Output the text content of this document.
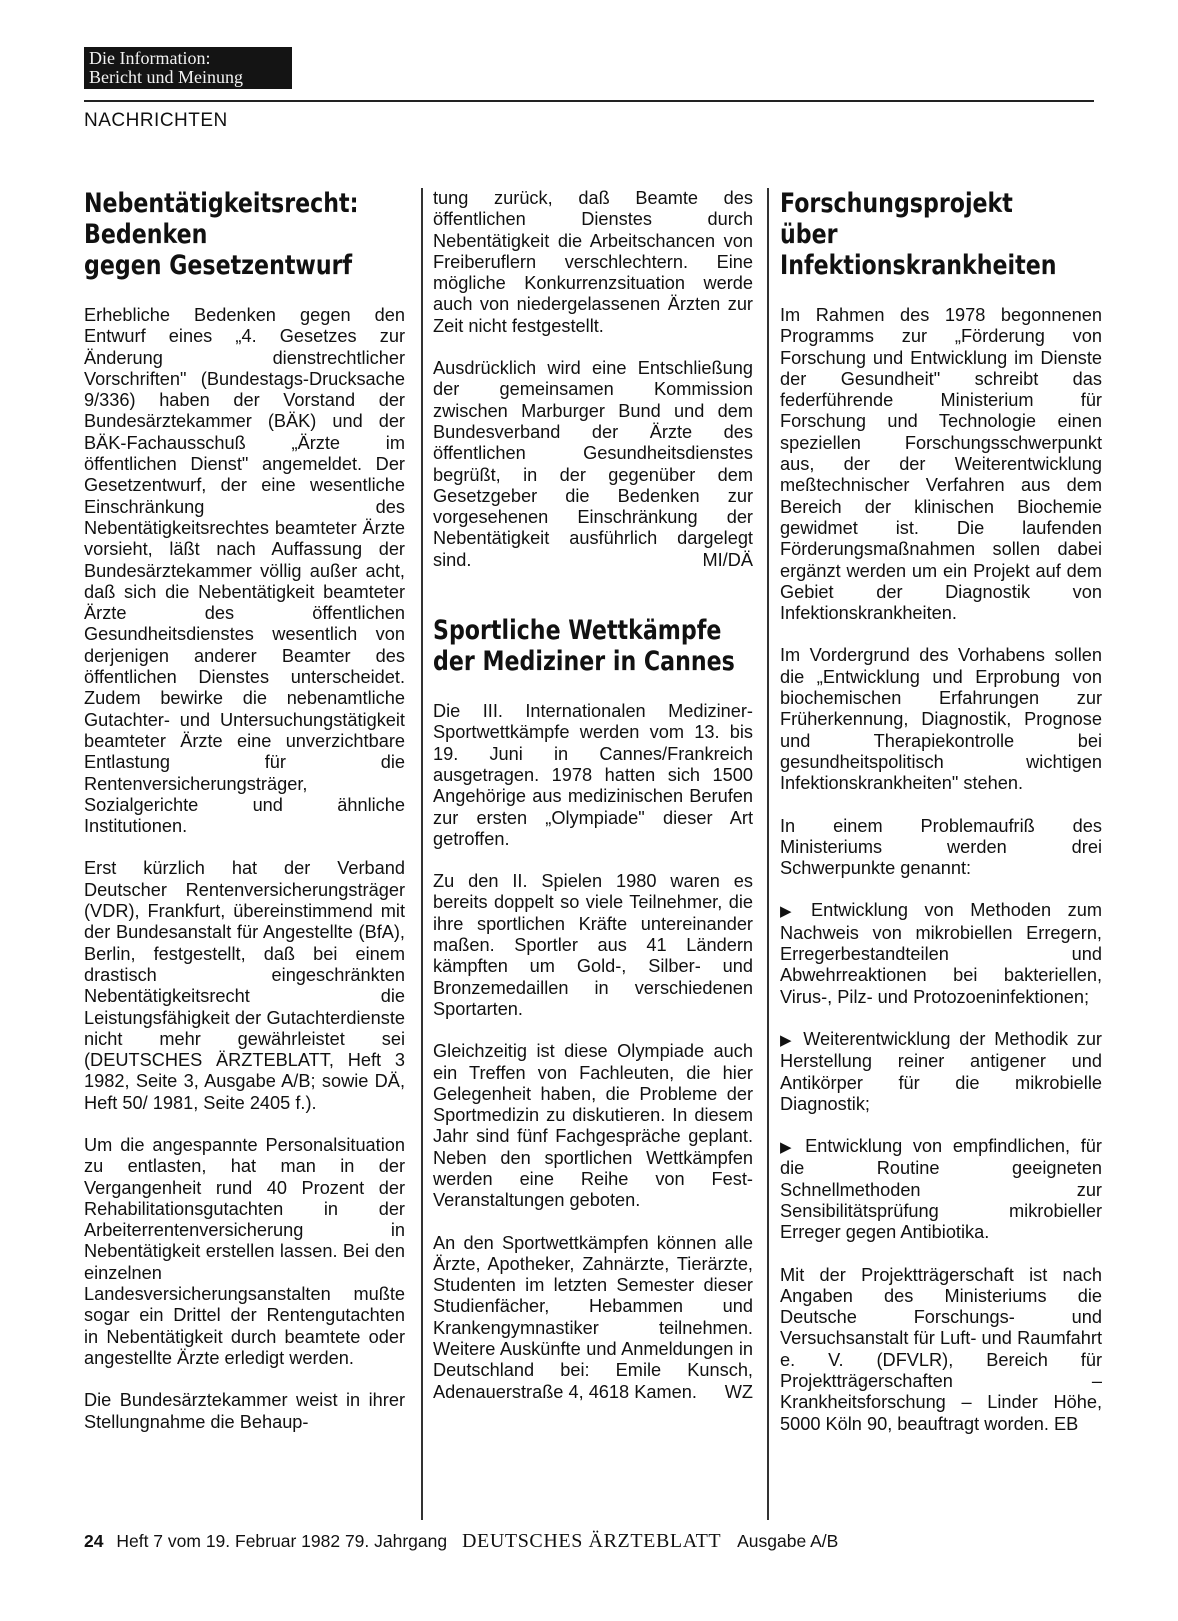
Die Information:
Bericht und Meinung
NACHRICHTEN
Nebentätigkeitsrecht:
Bedenken
gegen Gesetzentwurf

Erhebliche Bedenken gegen den Entwurf eines „4. Gesetzes zur Änderung dienstrechtlicher Vorschriften" (Bundestags-Drucksache 9/336) haben der Vorstand der Bundesärztekammer (BÄK) und der BÄK-Fachausschuß „Ärzte im öffentlichen Dienst" angemeldet. Der Gesetzentwurf, der eine wesentliche Einschränkung des Nebentätigkeitsrechtes beamteter Ärzte vorsieht, läßt nach Auffassung der Bundesärztekammer völlig außer acht, daß sich die Nebentätigkeit beamteter Ärzte des öffentlichen Gesundheitsdienstes wesentlich von derjenigen anderer Beamter des öffentlichen Dienstes unterscheidet. Zudem bewirke die nebenamtliche Gutachter- und Untersuchungstätigkeit beamteter Ärzte eine unverzichtbare Entlastung für die Rentenversicherungsträger, Sozialgerichte und ähnliche Institutionen.

Erst kürzlich hat der Verband Deutscher Rentenversicherungsträger (VDR), Frankfurt, übereinstimmend mit der Bundesanstalt für Angestellte (BfA), Berlin, festgestellt, daß bei einem drastisch eingeschränkten Nebentätigkeitsrecht die Leistungsfähigkeit der Gutachterdienste nicht mehr gewährleistet sei (DEUTSCHES ÄRZTEBLATT, Heft 3 1982, Seite 3, Ausgabe A/B; sowie DÄ, Heft 50/ 1981, Seite 2405 f.).

Um die angespannte Personalsituation zu entlasten, hat man in der Vergangenheit rund 40 Prozent der Rehabilitationsgutachten in der Arbeiterrentenversicherung in Nebentätigkeit erstellen lassen. Bei den einzelnen Landesversicherungsanstalten mußte sogar ein Drittel der Rentengutachten in Nebentätigkeit durch beamtete oder angestellte Ärzte erledigt werden.

Die Bundesärztekammer weist in ihrer Stellungnahme die Behaup-

tung zurück, daß Beamte des öffentlichen Dienstes durch Nebentätigkeit die Arbeitschancen von Freiberuflern verschlechtern. Eine mögliche Konkurrenzsituation werde auch von niedergelassenen Ärzten zur Zeit nicht festgestellt.

Ausdrücklich wird eine Entschließung der gemeinsamen Kommission zwischen Marburger Bund und dem Bundesverband der Ärzte des öffentlichen Gesundheitsdienstes begrüßt, in der gegenüber dem Gesetzgeber die Bedenken zur vorgesehenen Einschränkung der Nebentätigkeit ausführlich dargelegt sind.	MI/DÄ

Sportliche Wettkämpfe
der Mediziner in Cannes

Die III. Internationalen Mediziner-Sportwettkämpfe werden vom 13. bis 19. Juni in Cannes/Frankreich ausgetragen. 1978 hatten sich 1500 Angehörige aus medizinischen Berufen zur ersten „Olympiade" dieser Art getroffen.

Zu den II. Spielen 1980 waren es bereits doppelt so viele Teilnehmer, die ihre sportlichen Kräfte untereinander maßen. Sportler aus 41 Ländern kämpften um Gold-, Silber- und Bronzemedaillen in verschiedenen Sportarten.

Gleichzeitig ist diese Olympiade auch ein Treffen von Fachleuten, die hier Gelegenheit haben, die Probleme der Sportmedizin zu diskutieren. In diesem Jahr sind fünf Fachgespräche geplant. Neben den sportlichen Wettkämpfen werden eine Reihe von Fest-Veranstaltungen geboten.

An den Sportwettkämpfen können alle Ärzte, Apotheker, Zahnärzte, Tierärzte, Studenten im letzten Semester dieser Studienfächer, Hebammen und Krankengymnastiker teilnehmen. Weitere Auskünfte und Anmeldungen in Deutschland bei: Emile Kunsch, Adenauerstraße 4, 4618 Kamen. WZ

Forschungsprojekt
über Infektionskrankheiten

Im Rahmen des 1978 begonnenen Programms zur „Förderung von Forschung und Entwicklung im Dienste der Gesundheit" schreibt das federführende Ministerium für Forschung und Technologie einen speziellen Forschungsschwerpunkt aus, der der Weiterentwicklung meßtechnischer Verfahren aus dem Bereich der klinischen Biochemie gewidmet ist. Die laufenden Förderungsmaßnahmen sollen dabei ergänzt werden um ein Projekt auf dem Gebiet der Diagnostik von Infektionskrankheiten.

Im Vordergrund des Vorhabens sollen die „Entwicklung und Erprobung von biochemischen Erfahrungen zur Früherkennung, Diagnostik, Prognose und Therapiekontrolle bei gesundheitspolitisch wichtigen Infektionskrankheiten" stehen.

In einem Problemaufriß des Ministeriums werden drei Schwerpunkte genannt:

▶ Entwicklung von Methoden zum Nachweis von mikrobiellen Erregern, Erregerbestandteilen und Abwehrreaktionen bei bakteriellen, Virus-, Pilz- und Protozoeninfektionen;

▶ Weiterentwicklung der Methodik zur Herstellung reiner antigener und Antikörper für die mikrobielle Diagnostik;

▶ Entwicklung von empfindlichen, für die Routine geeigneten Schnellmethoden zur Sensibilitätsprüfung mikrobieller Erreger gegen Antibiotika.

Mit der Projektträgerschaft ist nach Angaben des Ministeriums die Deutsche Forschungs- und Versuchsanstalt für Luft- und Raumfahrt e. V. (DFVLR), Bereich für Projektträgerschaften – Krankheitsforschung – Linder Höhe, 5000 Köln 90, beauftragt worden. EB

24 Heft 7 vom 19. Februar 1982 79. Jahrgang DEUTSCHES ÄRZTEBLATT Ausgabe A/B
